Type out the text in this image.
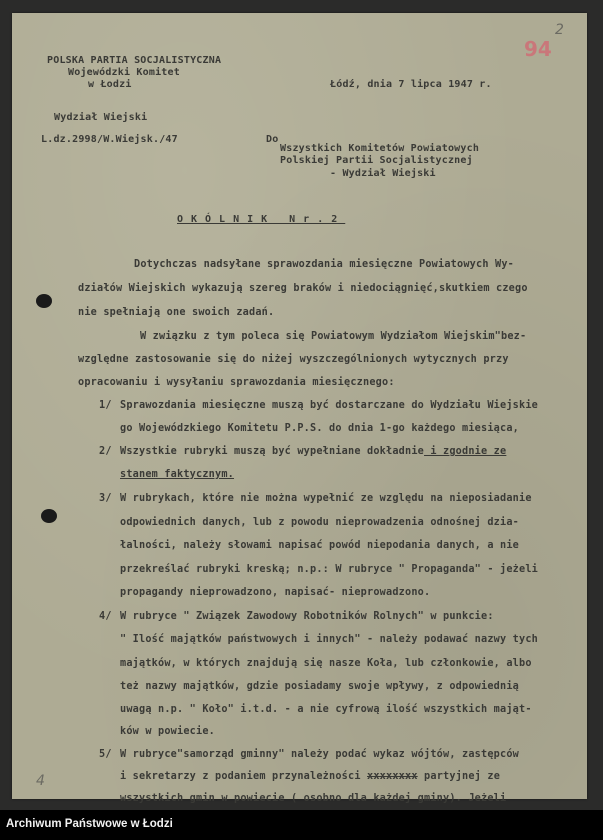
94
2
4
POLSKA PARTIA SOCJALISTYCZNA
Wojewódzki Komitet
w Łodzi
Wydział Wiejski
L.dz.2998/W.Wiejsk./47
Łódź, dnia 7 lipca 1947 r.
Do
Wszystkich Komitetów Powiatowych
Polskiej Partii Socjalistycznej
- Wydział Wiejski
OKÓLNIK Nr.2
Dotychczas nadsyłane sprawozdania miesięczne Powiatowych Wy-
działów Wiejskich wykazują szereg braków i niedociągnięć,skutkiem czego
nie spełniają one swoich zadań.
W związku z tym poleca się Powiatowym Wydziałom Wiejskim"bez-
względne zastosowanie się do niżej wyszczególnionych wytycznych przy
opracowaniu i wysyłaniu sprawozdania miesięcznego:
1/ Sprawozdania miesięczne muszą być dostarczane do Wydziału Wiejskie
go Wojewódzkiego Komitetu P.P.S. do dnia 1-go każdego miesiąca,
2/ Wszystkie rubryki muszą być wypełniane dokładnie i zgodnie ze
stanem faktycznym.
3/ W rubrykach, które nie można wypełnić ze względu na nieposiadanie
odpowiednich danych, lub z powodu nieprowadzenia odnośnej dzia-
łalności, należy słowami napisać powód niepodania danych, a nie
przekreślać rubryki kreską; n.p.: W rubryce " Propaganda" - jeżeli
propagandy nieprowadzono, napisać- nieprowadzono.
4/ W rubryce " Związek Zawodowy Robotników Rolnych" w punkcie:
" Ilość majątków państwowych i innych" - należy podawać nazwy tych
majątków, w których znajdują się nasze Koła, lub członkowie, albo
też nazwy majątków, gdzie posiadamy swoje wpływy, z odpowiednią
uwagą n.p. " Koło" i.t.d. - a nie cyfrową ilość wszystkich mająt-
ków w powiecie.
5/ W rubryce"samorząd gminny" należy podać wykaz wójtów, zastępców
i sekretarzy z podaniem przynależności xxxxxxxx partyjnej ze
wszystkich gmin w powiecie ( osobno dla każdej gminy). Jeżeli
Archiwum Państwowe w Łodzi
